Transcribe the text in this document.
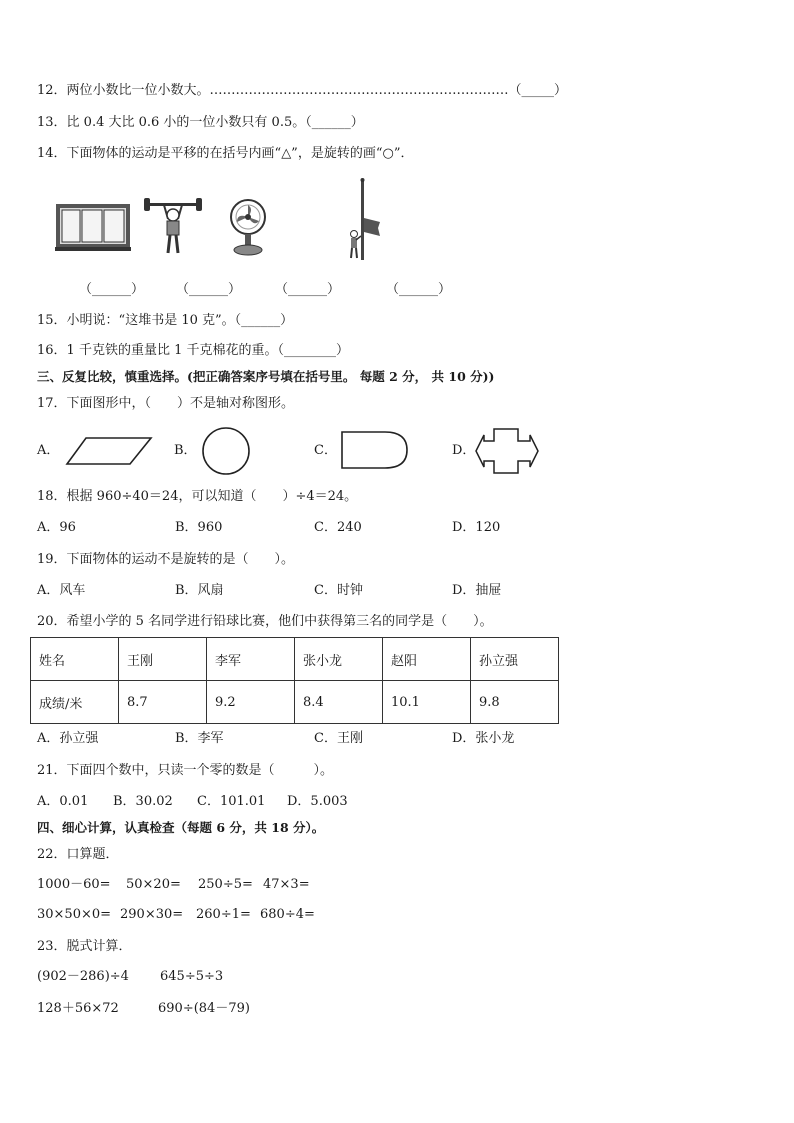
12．两位小数比一位小数大。……………………………………………………………（_____）
13．比 0.4 大比 0.6 小的一位小数只有 0.5。（______）
14．下面物体的运动是平移的在括号内画“△”，是旋转的画“○”．
（______） （______）	（______）	（______）
15．小明说：“这堆书是 10 克”。（______）
16．1 千克铁的重量比 1 千克棉花的重。（________）
三、反复比较，慎重选择。(把正确答案序号填在括号里。 每题 2 分， 共 10 分))
17．下面图形中，（　　）不是轴对称图形。
A．	B．	C．	D．
18．根据 960÷40＝24，可以知道（　　）÷4＝24。
A．96	B．960	C．240	D．120
19．下面物体的运动不是旋转的是（　　）。
A．风车	B．风扇	C．时钟	D．抽屉
20．希望小学的 5 名同学进行铅球比赛，他们中获得第三名的同学是（　　）。
姓名	王刚	李军	张小龙	赵阳	孙立强
成绩/米	8.7	9.2	8.4	10.1	9.8
A．孙立强	B．李军	C．王刚	D．张小龙
21．下面四个数中，只读一个零的数是（　　　）。
A．0.01 B．30.02 C．101.01 D．5.003
四、细心计算，认真检查（每题 6 分，共 18 分）。
22．口算题．
1000－60= 50×20= 250÷5= 47×3=
30×50×0= 290×30= 260÷1= 680÷4=
23．脱式计算．
(902－286)÷4 645÷5÷3
128＋56×72	690÷(84－79)
